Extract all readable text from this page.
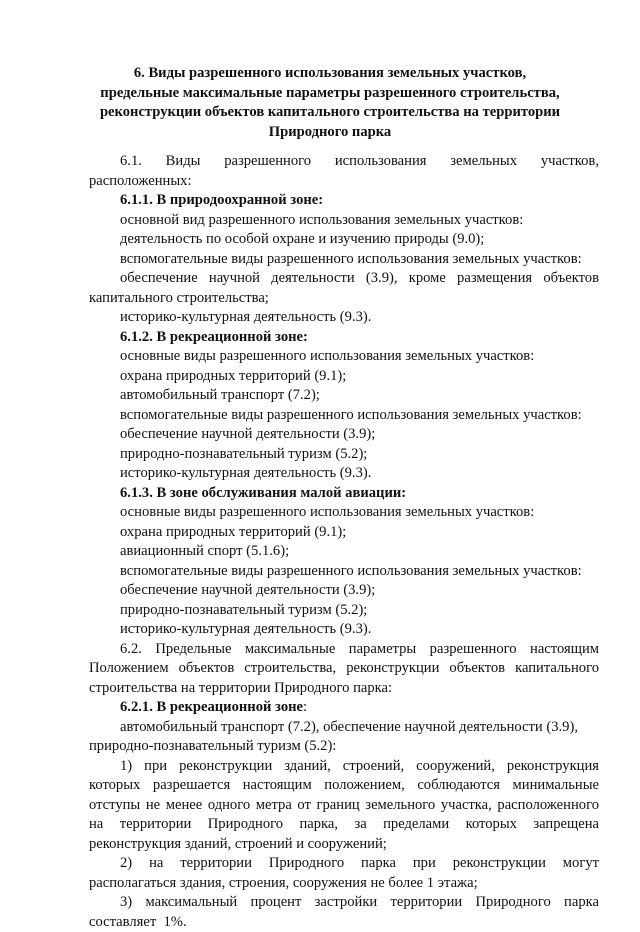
6. Виды разрешенного использования земельных участков,
предельные максимальные параметры разрешенного строительства,
реконструкции объектов капитального строительства на территории
Природного парка
6.1. Виды разрешенного использования земельных участков,
расположенных:
6.1.1. В природоохранной зоне:
основной вид разрешенного использования земельных участков:
деятельность по особой охране и изучению природы (9.0);
вспомогательные виды разрешенного использования земельных участков:
обеспечение научной деятельности (3.9), кроме размещения объектов
капитального строительства;
историко-культурная деятельность (9.3).
6.1.2. В рекреационной зоне:
основные виды разрешенного использования земельных участков:
охрана природных территорий (9.1);
автомобильный транспорт (7.2);
вспомогательные виды разрешенного использования земельных участков:
обеспечение научной деятельности (3.9);
природно-познавательный туризм (5.2);
историко-культурная деятельность (9.3).
6.1.3. В зоне обслуживания малой авиации:
основные виды разрешенного использования земельных участков:
охрана природных территорий (9.1);
авиационный спорт (5.1.6);
вспомогательные виды разрешенного использования земельных участков:
обеспечение научной деятельности (3.9);
природно-познавательный туризм (5.2);
историко-культурная деятельность (9.3).
6.2. Предельные максимальные параметры разрешенного настоящим
Положением объектов строительства, реконструкции объектов капитального
строительства на территории Природного парка:
6.2.1. В рекреационной зоне:
автомобильный транспорт (7.2), обеспечение научной деятельности (3.9),
природно-познавательный туризм (5.2):
1) при реконструкции зданий, строений, сооружений, реконструкция
которых разрешается настоящим положением, соблюдаются минимальные
отступы не менее одного метра от границ земельного участка, расположенного
на территории Природного парка, за пределами которых запрещена
реконструкция зданий, строений и сооружений;
2) на территории Природного парка при реконструкции могут
располагаться здания, строения, сооружения не более 1 этажа;
3) максимальный процент застройки территории Природного парка
составляет  1%.
